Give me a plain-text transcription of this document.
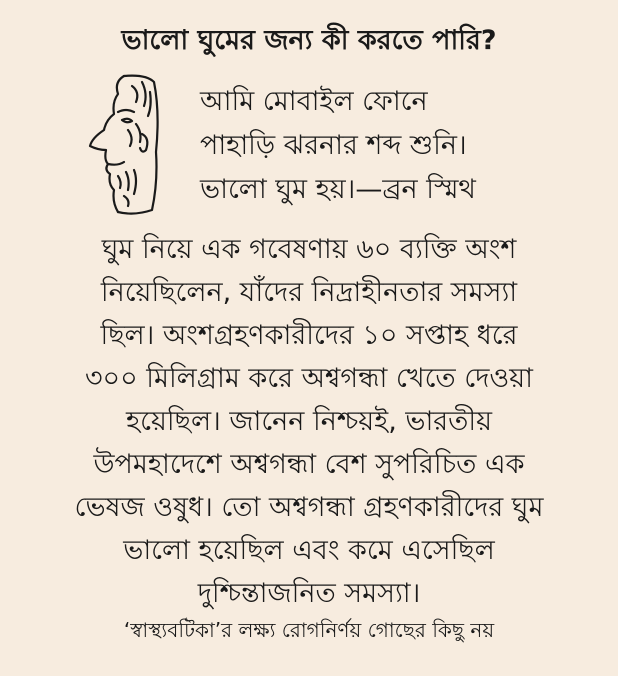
ভালো ঘুমের জন্য কী করতে পারি?
আমি মোবাইল ফোনে
পাহাড়ি ঝরনার শব্দ শুনি।
ভালো ঘুম হয়।—ব্রন স্মিথ
ঘুম নিয়ে এক গবেষণায় ৬০ ব্যক্তি অংশ
নিয়েছিলেন, যাঁদের নিদ্রাহীনতার সমস্যা
ছিল। অংশগ্রহণকারীদের ১০ সপ্তাহ ধরে
৩০০ মিলিগ্রাম করে অশ্বগন্ধা খেতে দেওয়া
হয়েছিল। জানেন নিশ্চয়ই, ভারতীয়
উপমহাদেশে অশ্বগন্ধা বেশ সুপরিচিত এক
ভেষজ ওষুধ। তো অশ্বগন্ধা গ্রহণকারীদের ঘুম
ভালো হয়েছিল এবং কমে এসেছিল
দুশ্চিন্তাজনিত সমস্যা।
‘স্বাস্থ্যবটিকা’র লক্ষ্য রোগনির্ণয় গোছের কিছু নয়
